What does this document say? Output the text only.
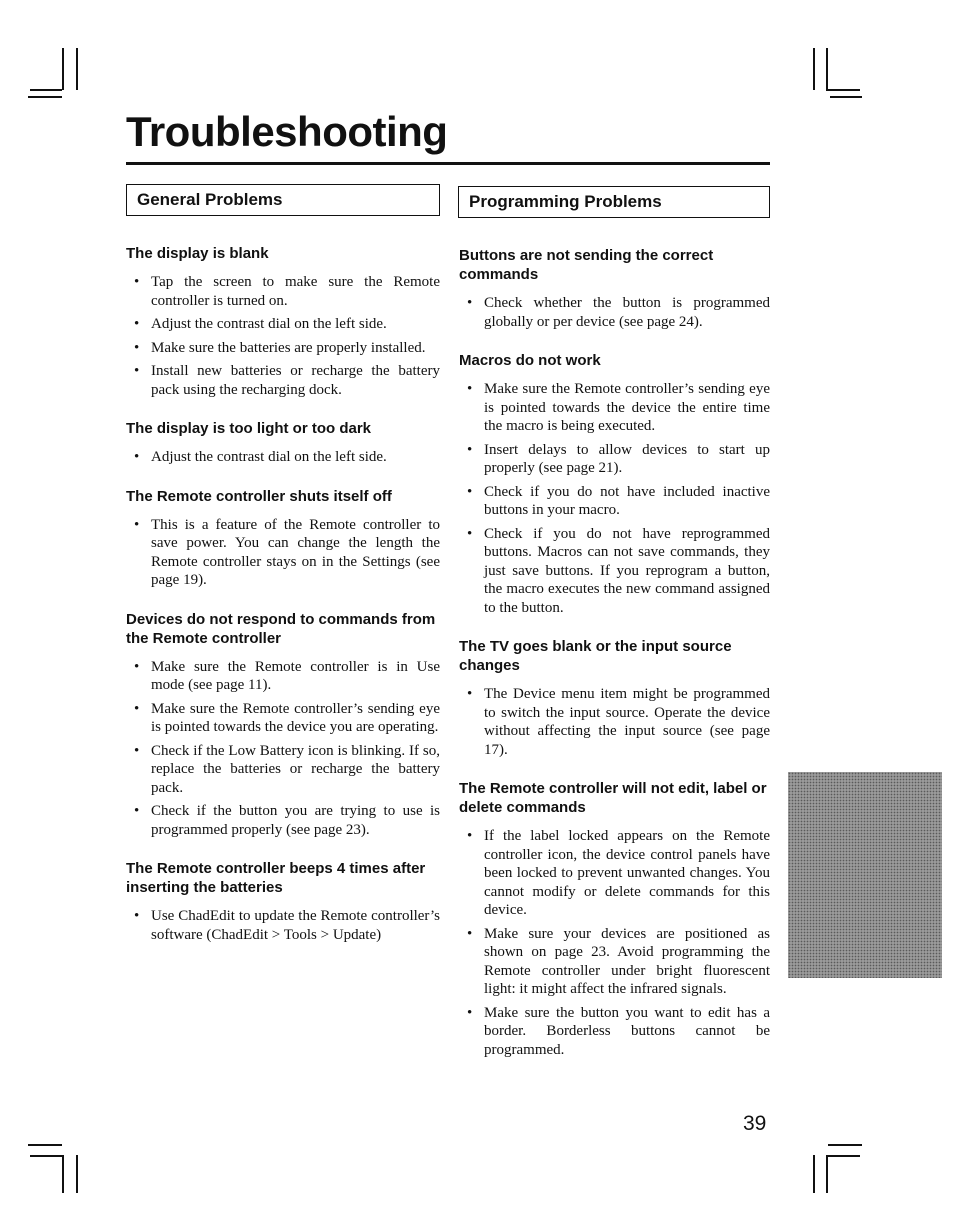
Troubleshooting
General Problems	Programming Problems
The display is blank
• Tap the screen to make sure the Remote controller is turned on.
• Adjust the contrast dial on the left side.
• Make sure the batteries are properly installed.
• Install new batteries or recharge the battery pack using the recharging dock.
The display is too light or too dark
• Adjust the contrast dial on the left side.
The Remote controller shuts itself off
• This is a feature of the Remote controller to save power. You can change the length the Remote controller stays on in the Settings (see page 19).
Devices do not respond to commands from the Remote controller
• Make sure the Remote controller is in Use mode (see page 11).
• Make sure the Remote controller’s sending eye is pointed towards the device you are operating.
• Check if the Low Battery icon is blinking. If so, replace the batteries or recharge the battery pack.
• Check if the button you are trying to use is programmed properly (see page 23).
The Remote controller beeps 4 times after inserting the batteries
• Use ChadEdit to update the Remote controller’s software (ChadEdit > Tools > Update)
Buttons are not sending the correct commands
• Check whether the button is programmed globally or per device (see page 24).
Macros do not work
• Make sure the Remote controller’s sending eye is pointed towards the device the entire time the macro is being executed.
• Insert delays to allow devices to start up properly (see page 21).
• Check if you do not have included inactive buttons in your macro.
• Check if you do not have reprogrammed buttons. Macros can not save commands, they just save buttons. If you reprogram a button, the macro executes the new command assigned to the button.
The TV goes blank or the input source changes
• The Device menu item might be programmed to switch the input source. Operate the device without affecting the input source (see page 17).
The Remote controller will not edit, label or delete commands
• If the label locked appears on the Remote controller icon, the device control panels have been locked to prevent unwanted changes. You cannot modify or delete commands for this device.
• Make sure your devices are positioned as shown on page 23. Avoid programming the Remote controller under bright fluorescent light: it might affect the infrared signals.
• Make sure the button you want to edit has a border. Borderless buttons cannot be programmed.
39
